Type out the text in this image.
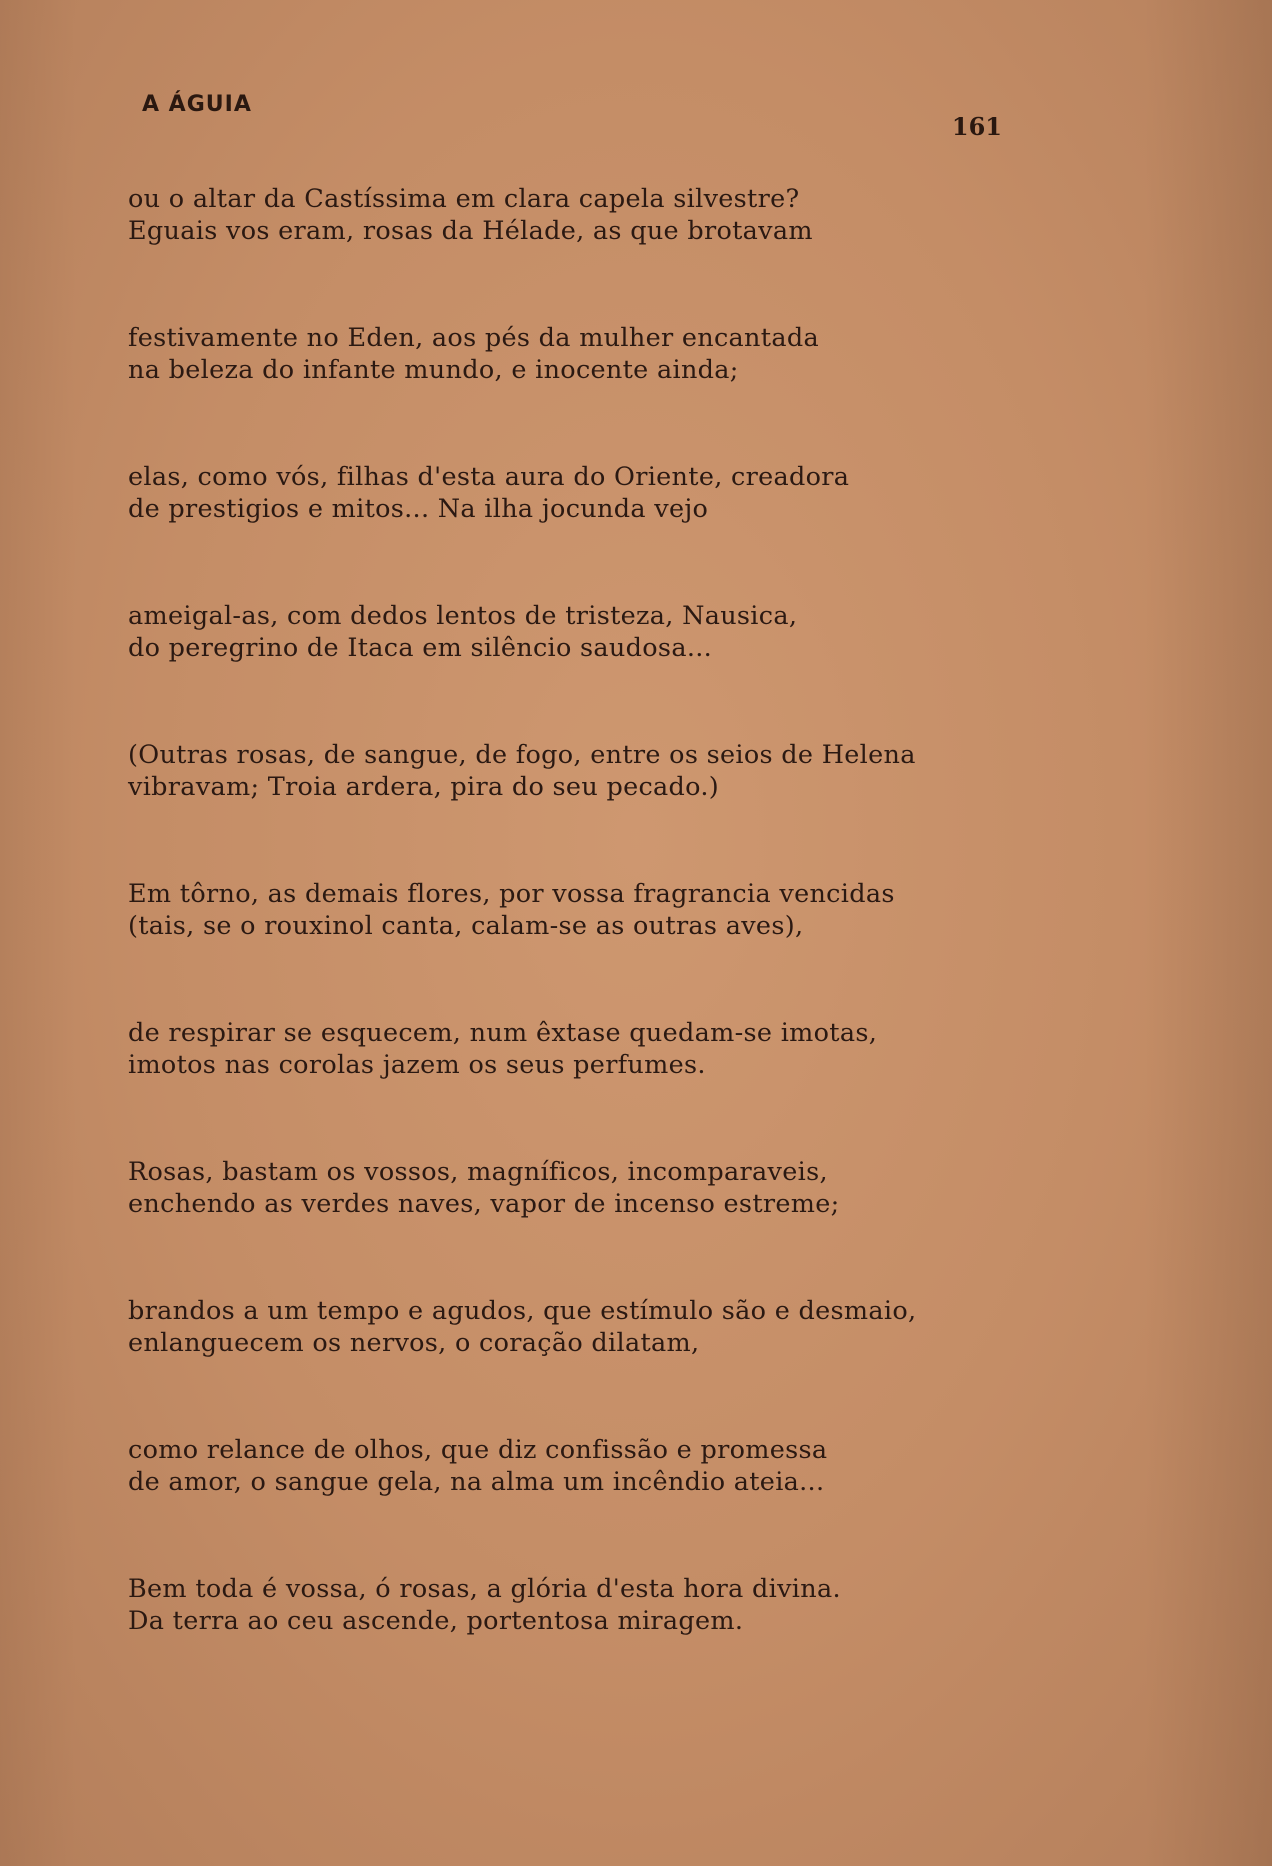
A ÁGUIA
161
ou o altar da Castíssima em clara capela silvestre?
Eguais vos eram, rosas da Hélade, as que brotavam
festivamente no Eden, aos pés da mulher encantada
na beleza do infante mundo, e inocente ainda;
elas, como vós, filhas d'esta aura do Oriente, creadora
de prestigios e mitos... Na ilha jocunda vejo
ameigal-as, com dedos lentos de tristeza, Nausica,
do peregrino de Itaca em silêncio saudosa...
(Outras rosas, de sangue, de fogo, entre os seios de Helena
vibravam; Troia ardera, pira do seu pecado.)
Em tôrno, as demais flores, por vossa fragrancia vencidas
(tais, se o rouxinol canta, calam-se as outras aves),
de respirar se esquecem, num êxtase quedam-se imotas,
imotos nas corolas jazem os seus perfumes.
Rosas, bastam os vossos, magníficos, incomparaveis,
enchendo as verdes naves, vapor de incenso estreme;
brandos a um tempo e agudos, que estímulo são e desmaio,
enlanguecem os nervos, o coração dilatam,
como relance de olhos, que diz confissão e promessa
de amor, o sangue gela, na alma um incêndio ateia...
Bem toda é vossa, ó rosas, a glória d'esta hora divina.
Da terra ao ceu ascende, portentosa miragem.
